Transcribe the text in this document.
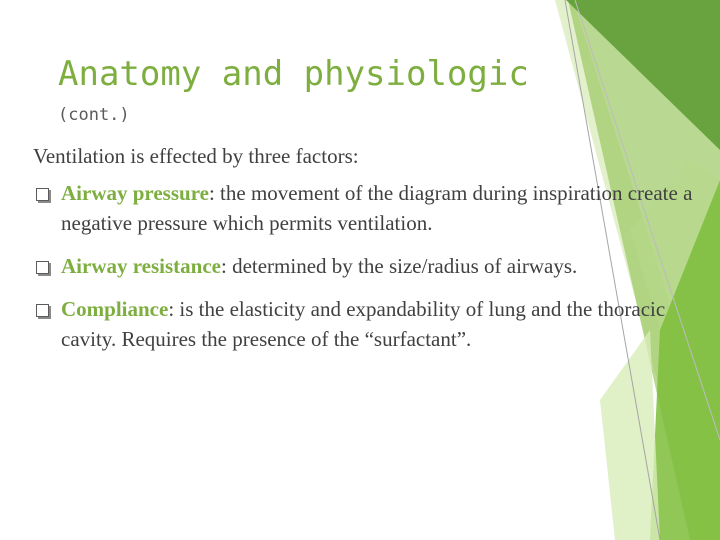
Anatomy and physiologic
(cont.)

Ventilation is effected by three factors:

Airway pressure: the movement of the diagram during inspiration create a negative pressure which permits ventilation.
Airway resistance: determined by the size/radius of airways.
Compliance: is the elasticity and expandability of lung and the thoracic cavity. Requires the presence of the “surfactant”.
